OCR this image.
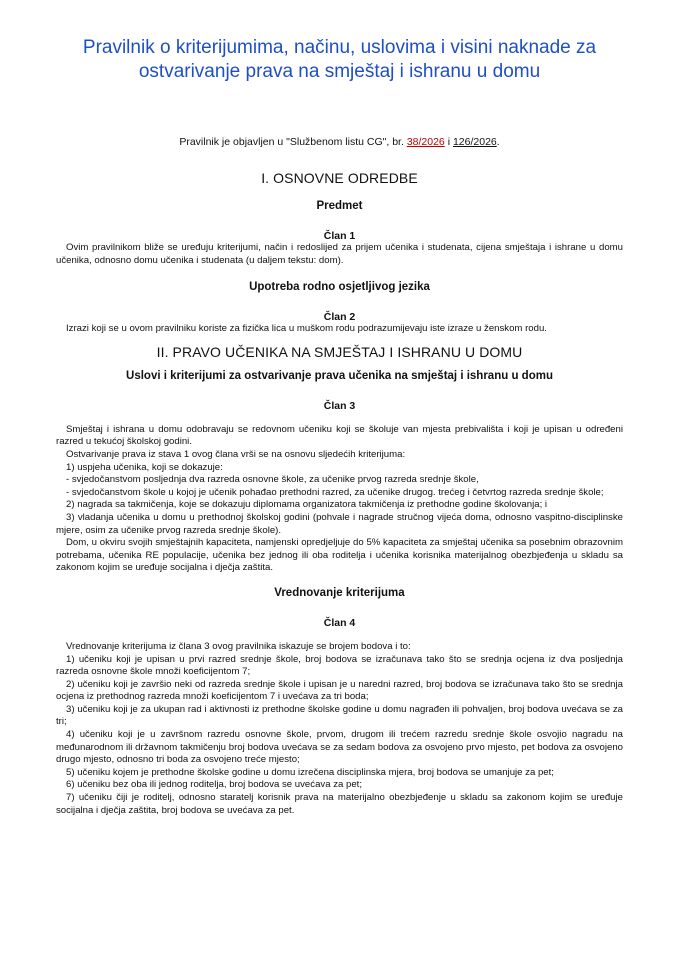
Pravilnik o kriterijumima, načinu, uslovima i visini naknade za ostvarivanje prava na smještaj i ishranu u domu
Pravilnik je objavljen u "Službenom listu CG", br. 38/2026 i 126/2026.
I. OSNOVNE ODREDBE
Predmet
Član 1

Ovim pravilnikom bliže se uređuju kriterijumi, način i redoslijed za prijem učenika i studenata, cijena smještaja i ishrane u domu učenika, odnosno domu učenika i studenata (u daljem tekstu: dom).

Upotreba rodno osjetljivog jezika
Član 2

Izrazi koji se u ovom pravilniku koriste za fizička lica u muškom rodu podrazumijevaju iste izraze u ženskom rodu.

II. PRAVO UČENIKA NA SMJEŠTAJ I ISHRANU U DOMU
Uslovi i kriterijumi za ostvarivanje prava učenika na smještaj i ishranu u domu
Član 3

Smještaj i ishrana u domu odobravaju se redovnom učeniku koji se školuje van mjesta prebivališta i koji je upisan u određeni razred u tekućoj školskoj godini.

Ostvarivanje prava iz stava 1 ovog člana vrši se na osnovu sljedećih kriterijuma:

1) uspjeha učenika, koji se dokazuje:

- svjedočanstvom posljednja dva razreda osnovne škole, za učenike prvog razreda srednje škole,

- svjedočanstvom škole u kojoj je učenik pohađao prethodni razred, za učenike drugog. trećeg i četvrtog razreda srednje škole;

2) nagrada sa takmičenja, koje se dokazuju diplomama organizatora takmičenja iz prethodne godine školovanja; i

3) vladanja učenika u domu u prethodnoj školskoj godini (pohvale i nagrade stručnog vijeća doma, odnosno vaspitno-disciplinske mjere, osim za učenike prvog razreda srednje škole).

Dom, u okviru svojih smještajnih kapaciteta, namjenski opredjeljuje do 5% kapaciteta za smještaj učenika sa posebnim obrazovnim potrebama, učenika RE populacije, učenika bez jednog ili oba roditelja i učenika korisnika materijalnog obezbjeđenja u skladu sa zakonom kojim se uređuje socijalna i dječja zaštita.

Vrednovanje kriterijuma
Član 4

Vrednovanje kriterijuma iz člana 3 ovog pravilnika iskazuje se brojem bodova i to:

1) učeniku koji je upisan u prvi razred srednje škole, broj bodova se izračunava tako što se srednja ocjena iz dva posljednja razreda osnovne škole množi koeficijentom 7;

2) učeniku koji je završio neki od razreda srednje škole i upisan je u naredni razred, broj bodova se izračunava tako što se srednja ocjena iz prethodnog razreda množi koeficijentom 7 i uvećava za tri boda;

3) učeniku koji je za ukupan rad i aktivnosti iz prethodne školske godine u domu nagrađen ili pohvaljen, broj bodova uvećava se za tri;

4) učeniku koji je u završnom razredu osnovne škole, prvom, drugom ili trećem razredu srednje škole osvojio nagradu na međunarodnom ili državnom takmičenju broj bodova uvećava se za sedam bodova za osvojeno prvo mjesto, pet bodova za osvojeno drugo mjesto, odnosno tri boda za osvojeno treće mjesto;

5) učeniku kojem je prethodne školske godine u domu izrečena disciplinska mjera, broj bodova se umanjuje za pet;

6) učeniku bez oba ili jednog roditelja, broj bodova se uvećava za pet;

7) učeniku čiji je roditelj, odnosno staratelj korisnik prava na materijalno obezbjeđenje u skladu sa zakonom kojim se uređuje socijalna i dječja zaštita, broj bodova se uvećava za pet.
